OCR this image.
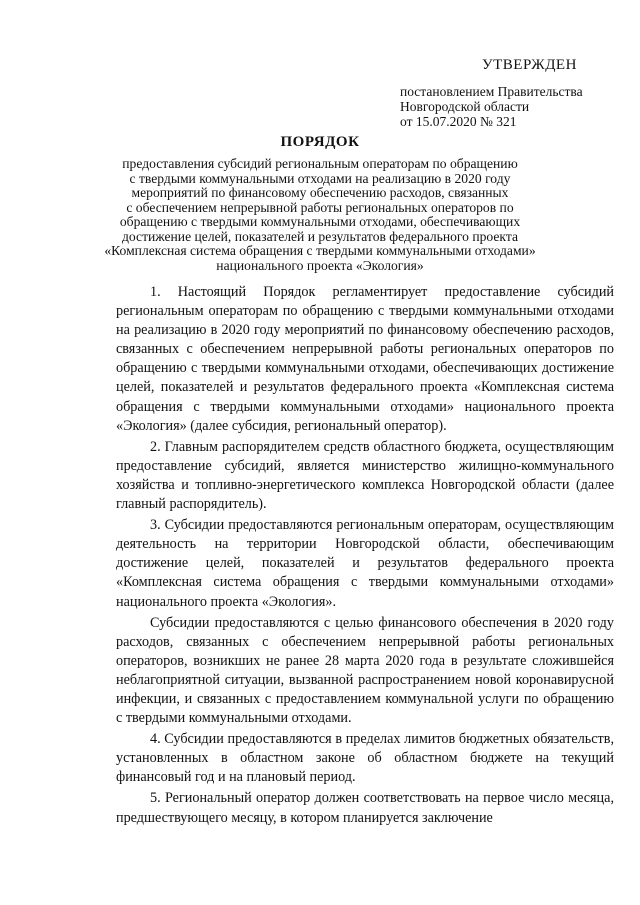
УТВЕРЖДЕН
постановлением Правительства
Новгородской области
от 15.07.2020 № 321
ПОРЯДОК
предоставления субсидий региональным операторам по обращению
с твердыми коммунальными отходами на реализацию в 2020 году
мероприятий по финансовому обеспечению расходов, связанных
с обеспечением непрерывной работы региональных операторов по
обращению с твердыми коммунальными отходами, обеспечивающих
достижение целей, показателей и результатов федерального проекта
«Комплексная система обращения с твердыми коммунальными отходами»
национального проекта «Экология»

1. Настоящий Порядок регламентирует предоставление субсидий региональным операторам по обращению с твердыми коммунальными отходами на реализацию в 2020 году мероприятий по финансовому обеспечению расходов, связанных с обеспечением непрерывной работы региональных операторов по обращению с твердыми коммунальными отходами, обеспечивающих достижение целей, показателей и результатов федерального проекта «Комплексная система обращения с твердыми коммунальными отходами» национального проекта «Экология» (далее субсидия, региональный оператор).

2. Главным распорядителем средств областного бюджета, осуществляющим предоставление субсидий, является министерство жилищно-коммунального хозяйства и топливно-энергетического комплекса Новгородской области (далее главный распорядитель).

3. Субсидии предоставляются региональным операторам, осуществляющим деятельность на территории Новгородской области, обеспечивающим достижение целей, показателей и результатов федерального проекта «Комплексная система обращения с твердыми коммунальными отходами» национального проекта «Экология».

Субсидии предоставляются с целью финансового обеспечения в 2020 году расходов, связанных с обеспечением непрерывной работы региональных операторов, возникших не ранее 28 марта 2020 года в результате сложившейся неблагоприятной ситуации, вызванной распространением новой коронавирусной инфекции, и связанных с предоставлением коммунальной услуги по обращению с твердыми коммунальными отходами.

4. Субсидии предоставляются в пределах лимитов бюджетных обязательств, установленных в областном законе об областном бюджете на текущий финансовый год и на плановый период.

5. Региональный оператор должен соответствовать на первое число месяца, предшествующего месяцу, в котором планируется заключение
